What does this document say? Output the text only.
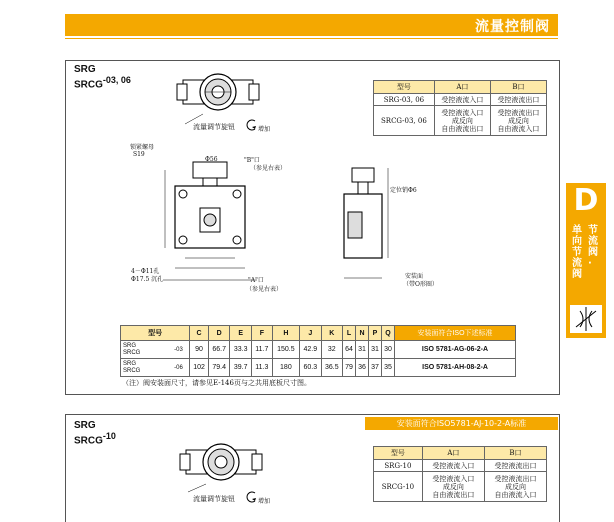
流量控制阀
D
单
向
节
流
阀
节
流
阀
·
SRG
$SRCG^{-03, 06}$
流量调节旋钮	增加
型号	A口	B口
SRG-03, 06	受控液流入口	受控液流出口
SRCG-03, 06	受控液流入口
成反向
自由液流出口	受控液流出口
成反向
自由液流入口
锁紧螺母
S19
Φ56	"B"口
（参见右表）
"A"口
（参见右表）
4－Φ11孔
Φ17.5 沉孔
定位销Φ6
安装面
（带O形圈）
型号		C	D	E	F	H	J	K	L	N	P	Q	安装面符合ISO下述标准
SRG
SRCG	-03	90	66.7	33.3	11.7	150.5	42.9	32	64	31	31	30	ISO 5781-AG-06-2-A
SRG
SRCG	-06	102	79.4	39.7	11.3	180	60.3	36.5	79	36	37	35	ISO 5781-AH-08-2-A
（注）阀安装面尺寸，请参见E-146页与之共用底板尺寸图。
安装面符合ISO5781-AJ-10-2-A标准
SRG
$SRCG^{-10}$
流量调节旋钮	增加
型号	A口	B口
SRG-10	受控液流入口	受控液流出口
SRCG-10	受控液流入口
成反向
自由液流出口	受控液流出口
成反向
自由液流入口
